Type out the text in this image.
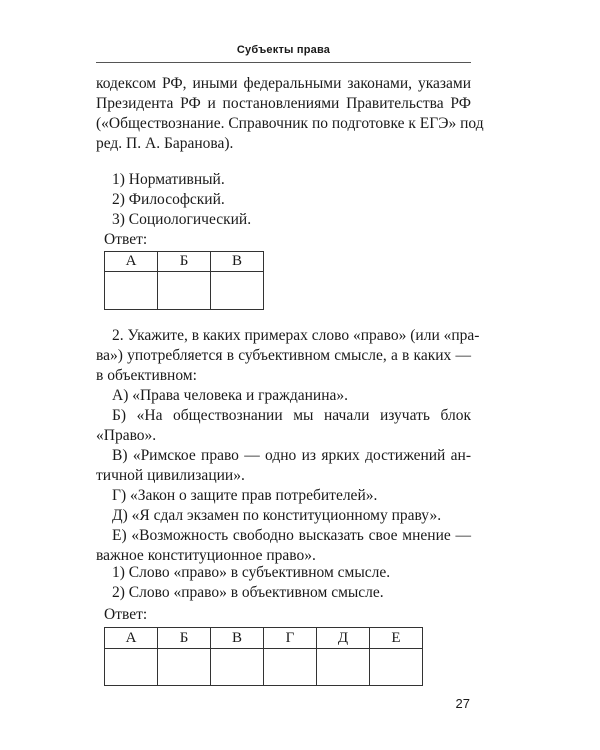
Субъекты права
кодексом РФ, иными федеральными законами, указами
Президента РФ и постановлениями Правительства РФ
(«Обществознание. Справочник по подготовке к ЕГЭ» под
ред. П. А. Баранова).
1) Нормативный.
2) Философский.
3) Социологический.
Ответ:
А	Б	В

2. Укажите, в каких примерах слово «право» (или «пра-
ва») употребляется в субъективном смысле, а в каких —
в объективном:
А) «Права человека и гражданина».
Б) «На обществознании мы начали изучать блок
«Право».
В) «Римское право — одно из ярких достижений ан-
тичной цивилизации».
Г) «Закон о защите прав потребителей».
Д) «Я сдал экзамен по конституционному праву».
Е) «Возможность свободно высказать свое мнение —
важное конституционное право».
1) Слово «право» в субъективном смысле.
2) Слово «право» в объективном смысле.
Ответ:
А	Б	В	Г	Д	Е

27
